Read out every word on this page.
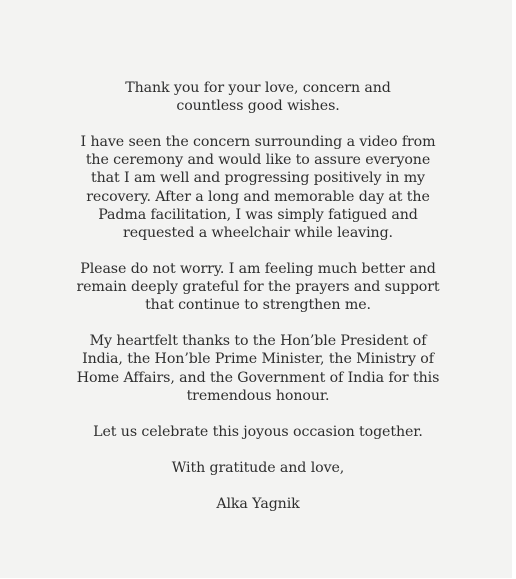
Thank you for your love, concern and
countless good wishes.

I have seen the concern surrounding a video from
the ceremony and would like to assure everyone
that I am well and progressing positively in my
recovery. After a long and memorable day at the
Padma facilitation, I was simply fatigued and
requested a wheelchair while leaving.

Please do not worry. I am feeling much better and
remain deeply grateful for the prayers and support
that continue to strengthen me.

My heartfelt thanks to the Hon’ble President of
India, the Hon’ble Prime Minister, the Ministry of
Home Affairs, and the Government of India for this
tremendous honour.

Let us celebrate this joyous occasion together.

With gratitude and love,

Alka Yagnik
